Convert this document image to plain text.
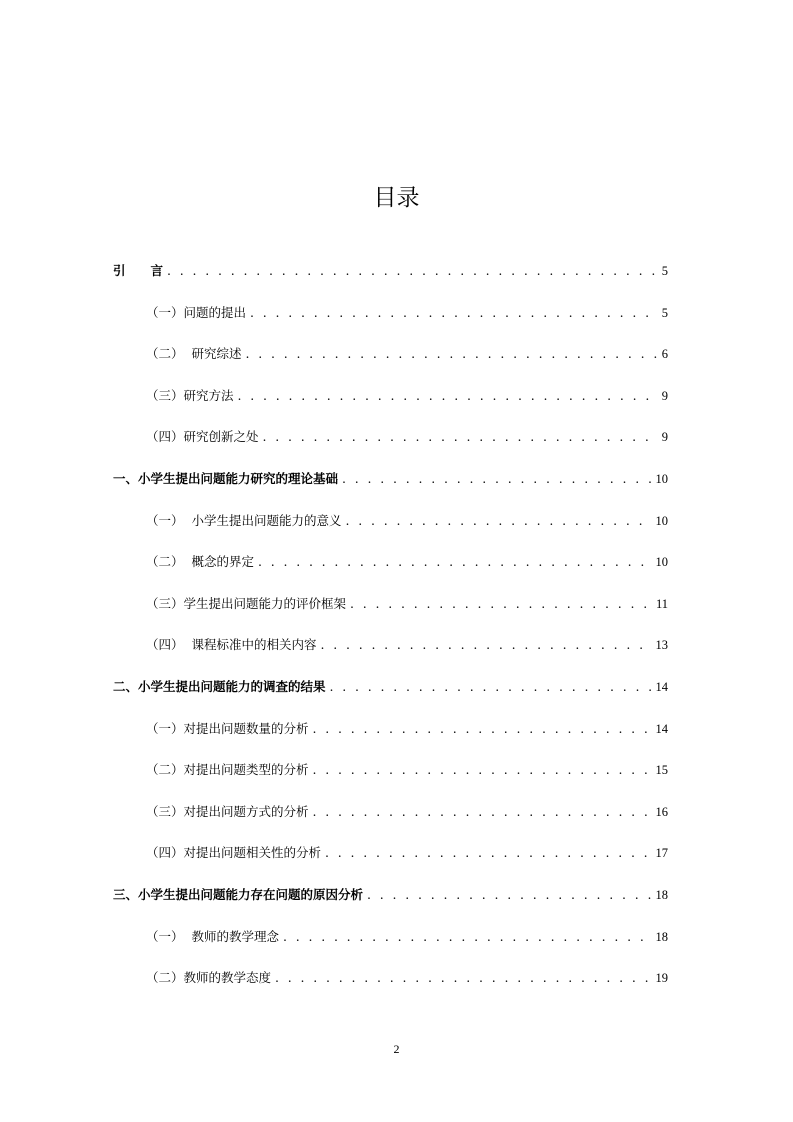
目录
引　　言 . . .	5
（一）问题的提出 . . .	5
（二）  研究综述 . . .	6
（三）研究方法 . . .	9
（四）研究创新之处 . . .	9
一、小学生提出问题能力研究的理论基础 . . .	10
（一）  小学生提出问题能力的意义 . . .	10
（二）  概念的界定 . . .	10
（三）学生提出问题能力的评价框架 . . .	11
（四）  课程标准中的相关内容 . . .	13
二、小学生提出问题能力的调查的结果 . . .	14
（一）对提出问题数量的分析 . . .	14
（二）对提出问题类型的分析 . . .	15
（三）对提出问题方式的分析 . . .	16
（四）对提出问题相关性的分析 . . .	17
三、小学生提出问题能力存在问题的原因分析 . . .	18
（一）  教师的教学理念 . . .	18
（二）教师的教学态度 . . .	19
2
